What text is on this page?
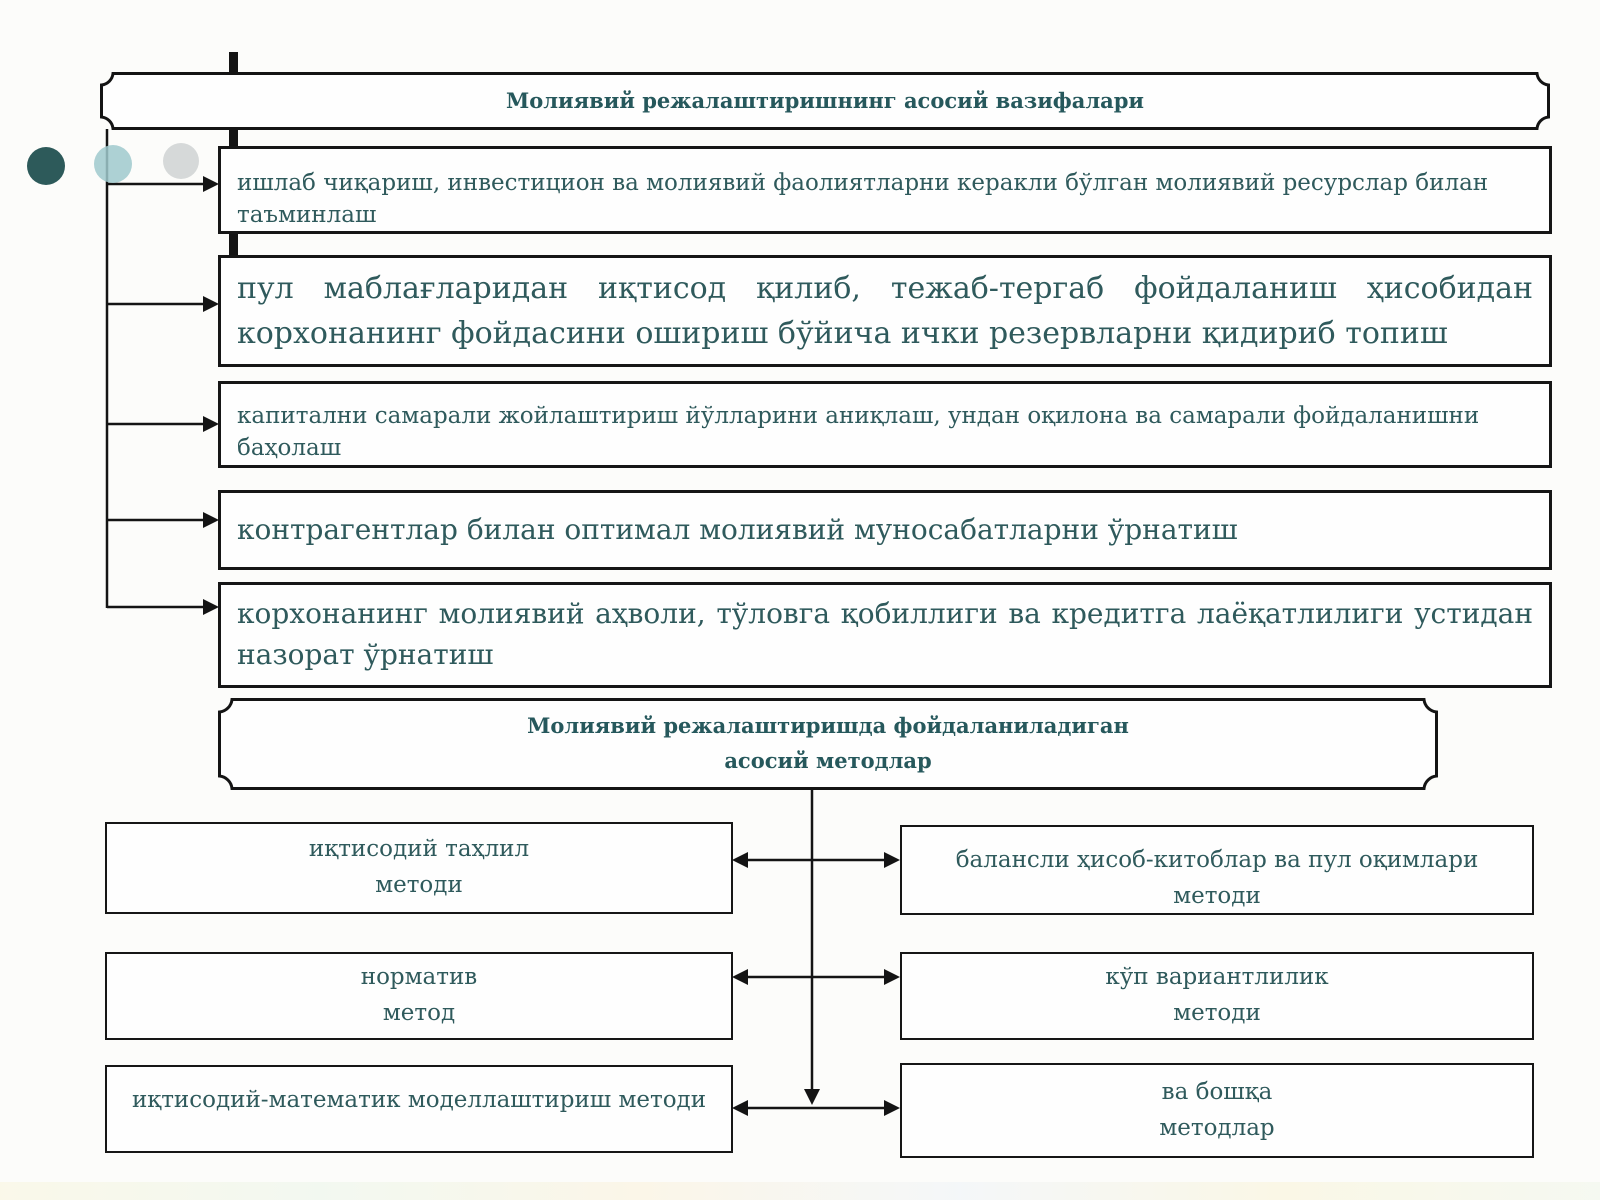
Молиявий режалаштиришнинг асосий вазифалари
ишлаб чиқариш, инвестицион ва молиявий фаолиятларни керакли бўлган молиявий ресурслар билан таъминлаш
пул маблағларидан иқтисод қилиб, тежаб-тергаб фойдаланиш ҳисобидан корхонанинг фойдасини ошириш бўйича ички резервларни қидириб топиш
капитални самарали жойлаштириш йўлларини аниқлаш, ундан оқилона ва самарали фойдаланишни баҳолаш
контрагентлар билан оптимал молиявий муносабатларни ўрнатиш
корхонанинг молиявий аҳволи, тўловга қобиллиги ва кредитга лаёқатлилиги устидан назорат ўрнатиш
Молиявий режалаштиришда фойдаланиладиган
асосий методлар
иқтисодий таҳлил
методи
норматив
метод
иқтисодий-математик моделлаштириш методи
балансли ҳисоб-китоблар ва пул оқимлари методи
кўп вариантлилик
методи
ва бошқа
методлар
